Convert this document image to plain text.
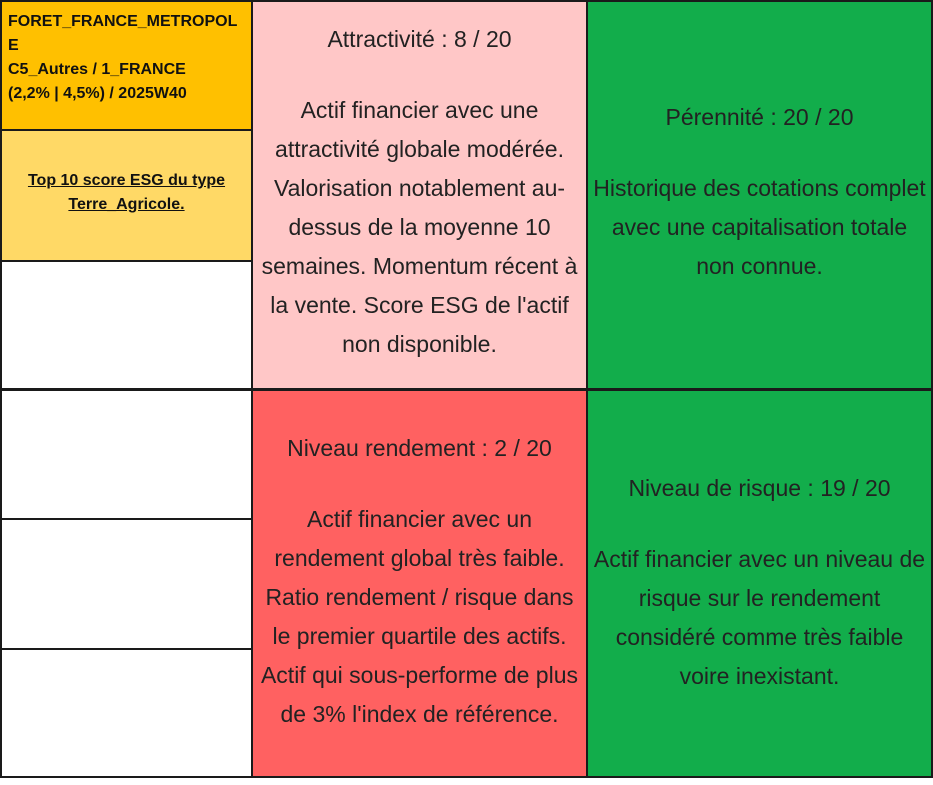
FORET_FRANCE_METROPOL
E
C5_Autres / 1_FRANCE
(2,2% | 4,5%) / 2025W40
Top 10 score ESG du type
Terre_Agricole.
Attractivité : 8 / 20
Actif financier avec une attractivité globale modérée. Valorisation notablement au-dessus de la moyenne 10 semaines. Momentum récent à la vente. Score ESG de l'actif non disponible.
Pérennité : 20 / 20
Historique des cotations complet avec une capitalisation totale non connue.
Niveau rendement : 2 / 20
Actif financier avec un rendement global très faible. Ratio rendement / risque dans le premier quartile des actifs. Actif qui sous-performe de plus de 3% l'index de référence.
Niveau de risque : 19 / 20
Actif financier avec un niveau de risque sur le rendement considéré comme très faible voire inexistant.
